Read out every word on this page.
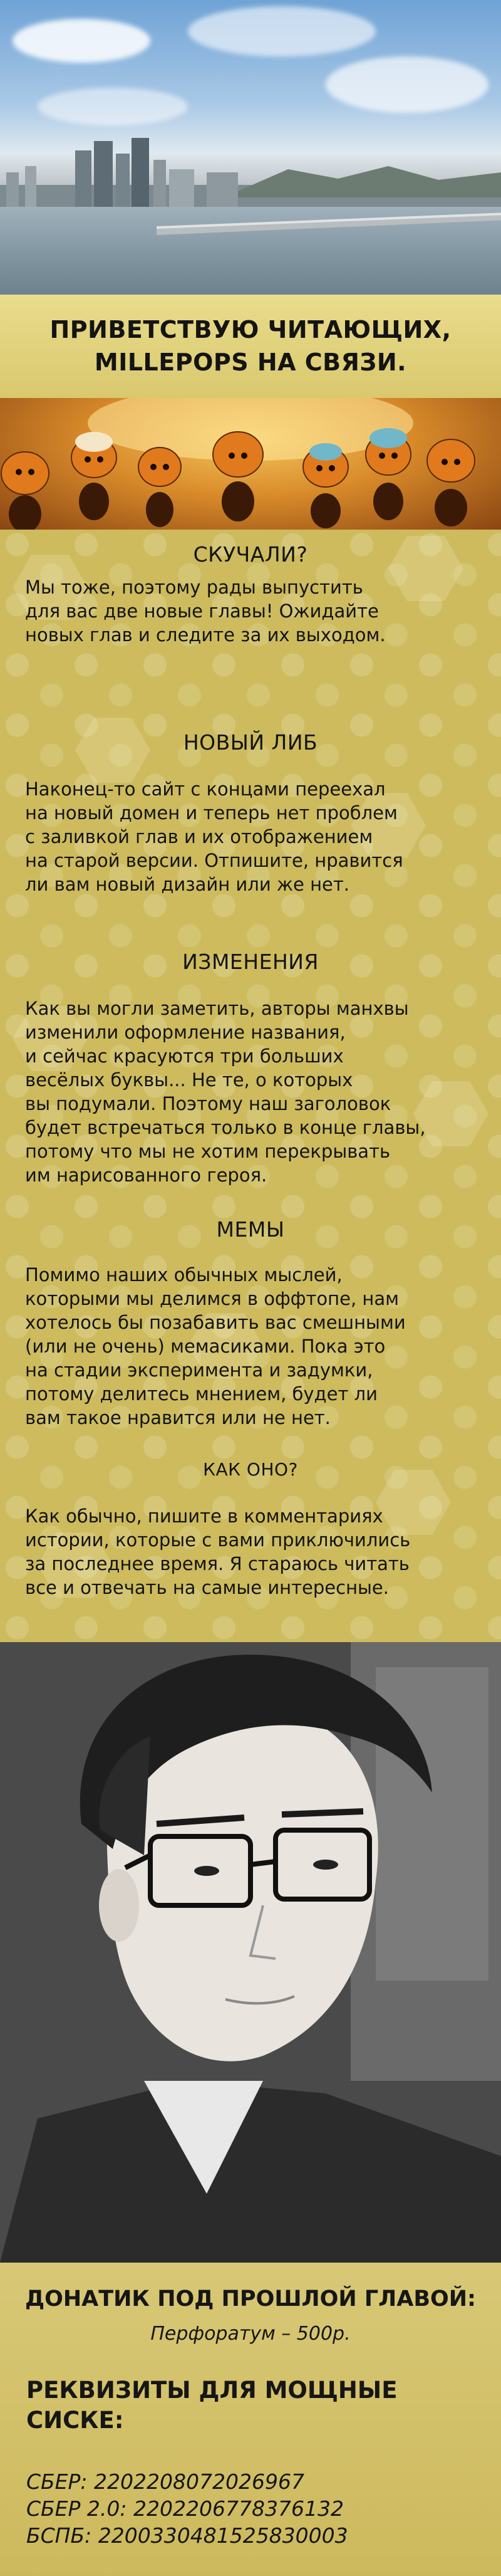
ПРИВЕТСТВУЮ ЧИТАЮЩИХ,
MILLEPOPS НА СВЯЗИ.
СКУЧАЛИ?
Мы тоже, поэтому рады выпустить
для вас две новые главы! Ожидайте
новых глав и следите за их выходом.
НОВЫЙ ЛИБ
Наконец-то сайт с концами переехал
на новый домен и теперь нет проблем
с заливкой глав и их отображением
на старой версии. Отпишите, нравится
ли вам новый дизайн или же нет.
ИЗМЕНЕНИЯ
Как вы могли заметить, авторы манхвы
изменили оформление названия,
и сейчас красуются три больших
весёлых буквы... Не те, о которых
вы подумали. Поэтому наш заголовок
будет встречаться только в конце главы,
потому что мы не хотим перекрывать
им нарисованного героя.
МЕМЫ
Помимо наших обычных мыслей,
которыми мы делимся в оффтопе, нам
хотелось бы позабавить вас смешными
(или не очень) мемасиками. Пока это
на стадии эксперимента и задумки,
потому делитесь мнением, будет ли
вам такое нравится или не нет.
КАК ОНО?
Как обычно, пишите в комментариях
истории, которые с вами приключились
за последнее время. Я стараюсь читать
все и отвечать на самые интересные.
ДОНАТИК ПОД ПРОШЛОЙ ГЛАВОЙ:
Перфоратум – 500р.
РЕКВИЗИТЫ ДЛЯ МОЩНЫЕ
СИСКЕ:
СБЕР: 2202208072026967
СБЕР 2.0: 2202206778376132
БСПБ: 2200330481525830003
